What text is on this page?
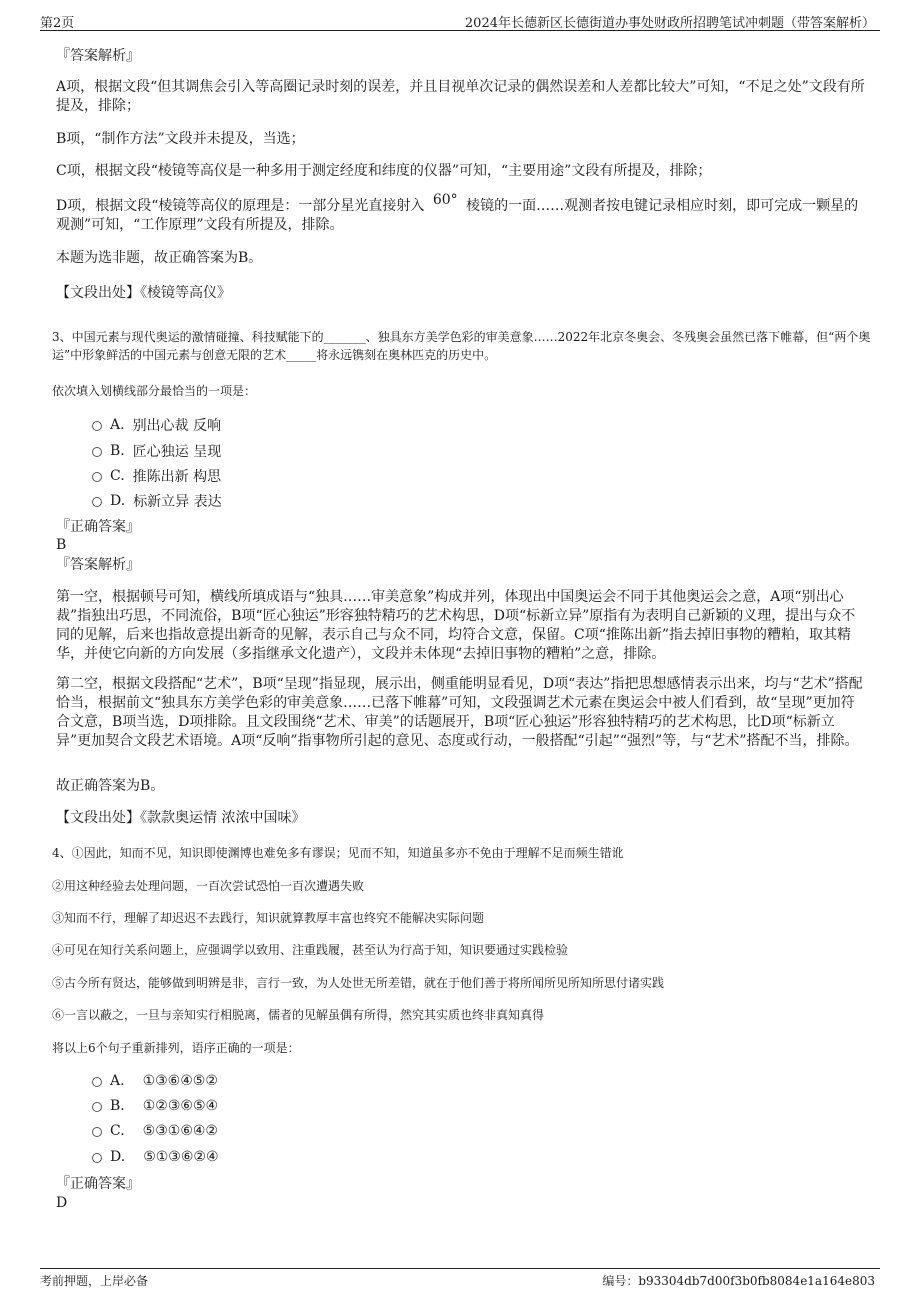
第2页	2024年长德新区长德街道办事处财政所招聘笔试冲刺题（带答案解析）
『答案解析』
A项，根据文段“但其调焦会引入等高圈记录时刻的误差，并且目视单次记录的偶然误差和人差都比较大”可知，“不足之处”文段有所提及，排除；
B项，“制作方法”文段并未提及，当选；
C项，根据文段“棱镜等高仪是一种多用于测定经度和纬度的仪器”可知，“主要用途”文段有所提及，排除；
D项，根据文段“棱镜等高仪的原理是：一部分星光直接射入 60° 棱镜的一面……观测者按电键记录相应时刻，即可完成一颗星的观测”可知，“工作原理”文段有所提及，排除。
本题为选非题，故正确答案为B。
【文段出处】《棱镜等高仪》
3、中国元素与现代奥运的激情碰撞、科技赋能下的_______、独具东方美学色彩的审美意象……2022年北京冬奥会、冬残奥会虽然已落下帷幕，但“两个奥运”中形象鲜活的中国元素与创意无限的艺术_____将永远镌刻在奥林匹克的历史中。
依次填入划横线部分最恰当的一项是：
A. 别出心裁 反响
B. 匠心独运 呈现
C. 推陈出新 构思
D. 标新立异 表达
『正确答案』
B
『答案解析』
第一空，根据顿号可知，横线所填成语与“独具……审美意象”构成并列，体现出中国奥运会不同于其他奥运会之意，A项“别出心裁”指独出巧思，不同流俗，B项“匠心独运”形容独特精巧的艺术构思，D项“标新立异”原指有为表明自己新颖的义理，提出与众不同的见解，后来也指故意提出新奇的见解，表示自己与众不同，均符合文意，保留。C项“推陈出新”指去掉旧事物的糟粕，取其精华，并使它向新的方向发展（多指继承文化遗产），文段并未体现“去掉旧事物的糟粕”之意，排除。
第二空，根据文段搭配“艺术”，B项“呈现”指显现，展示出，侧重能明显看见，D项“表达”指把思想感情表示出来，均与“艺术”搭配恰当，根据前文“独具东方美学色彩的审美意象……已落下帷幕”可知，文段强调艺术元素在奥运会中被人们看到，故“呈现”更加符合文意，B项当选，D项排除。且文段围绕“艺术、审美”的话题展开，B项“匠心独运”形容独特精巧的艺术构思，比D项“标新立异”更加契合文段艺术语境。A项“反响”指事物所引起的意见、态度或行动，一般搭配“引起”“强烈”等，与“艺术”搭配不当，排除。
故正确答案为B。
【文段出处】《款款奥运情 浓浓中国味》
4、①因此，知而不见，知识即使渊博也难免多有谬误；见而不知，知道虽多亦不免由于理解不足而频生错讹
②用这种经验去处理问题，一百次尝试恐怕一百次遭遇失败
③知而不行，理解了却迟迟不去践行，知识就算教厚丰富也终究不能解决实际问题
④可见在知行关系问题上，应强调学以致用、注重践履，甚至认为行高于知，知识要通过实践检验
⑤古今所有贤达，能够做到明辨是非，言行一致，为人处世无所差错，就在于他们善于将所闻所见所知所思付诸实践
⑥一言以蔽之，一旦与亲知实行相脱离，儒者的见解虽偶有所得，然究其实质也终非真知真得
将以上6个句子重新排列，语序正确的一项是：
A. ①③⑥④⑤②
B. ①②③⑥⑤④
C. ⑤③①⑥④②
D. ⑤①③⑥②④
『正确答案』
D
考前押题，上岸必备	编号：b93304db7d00f3b0fb8084e1a164e803
